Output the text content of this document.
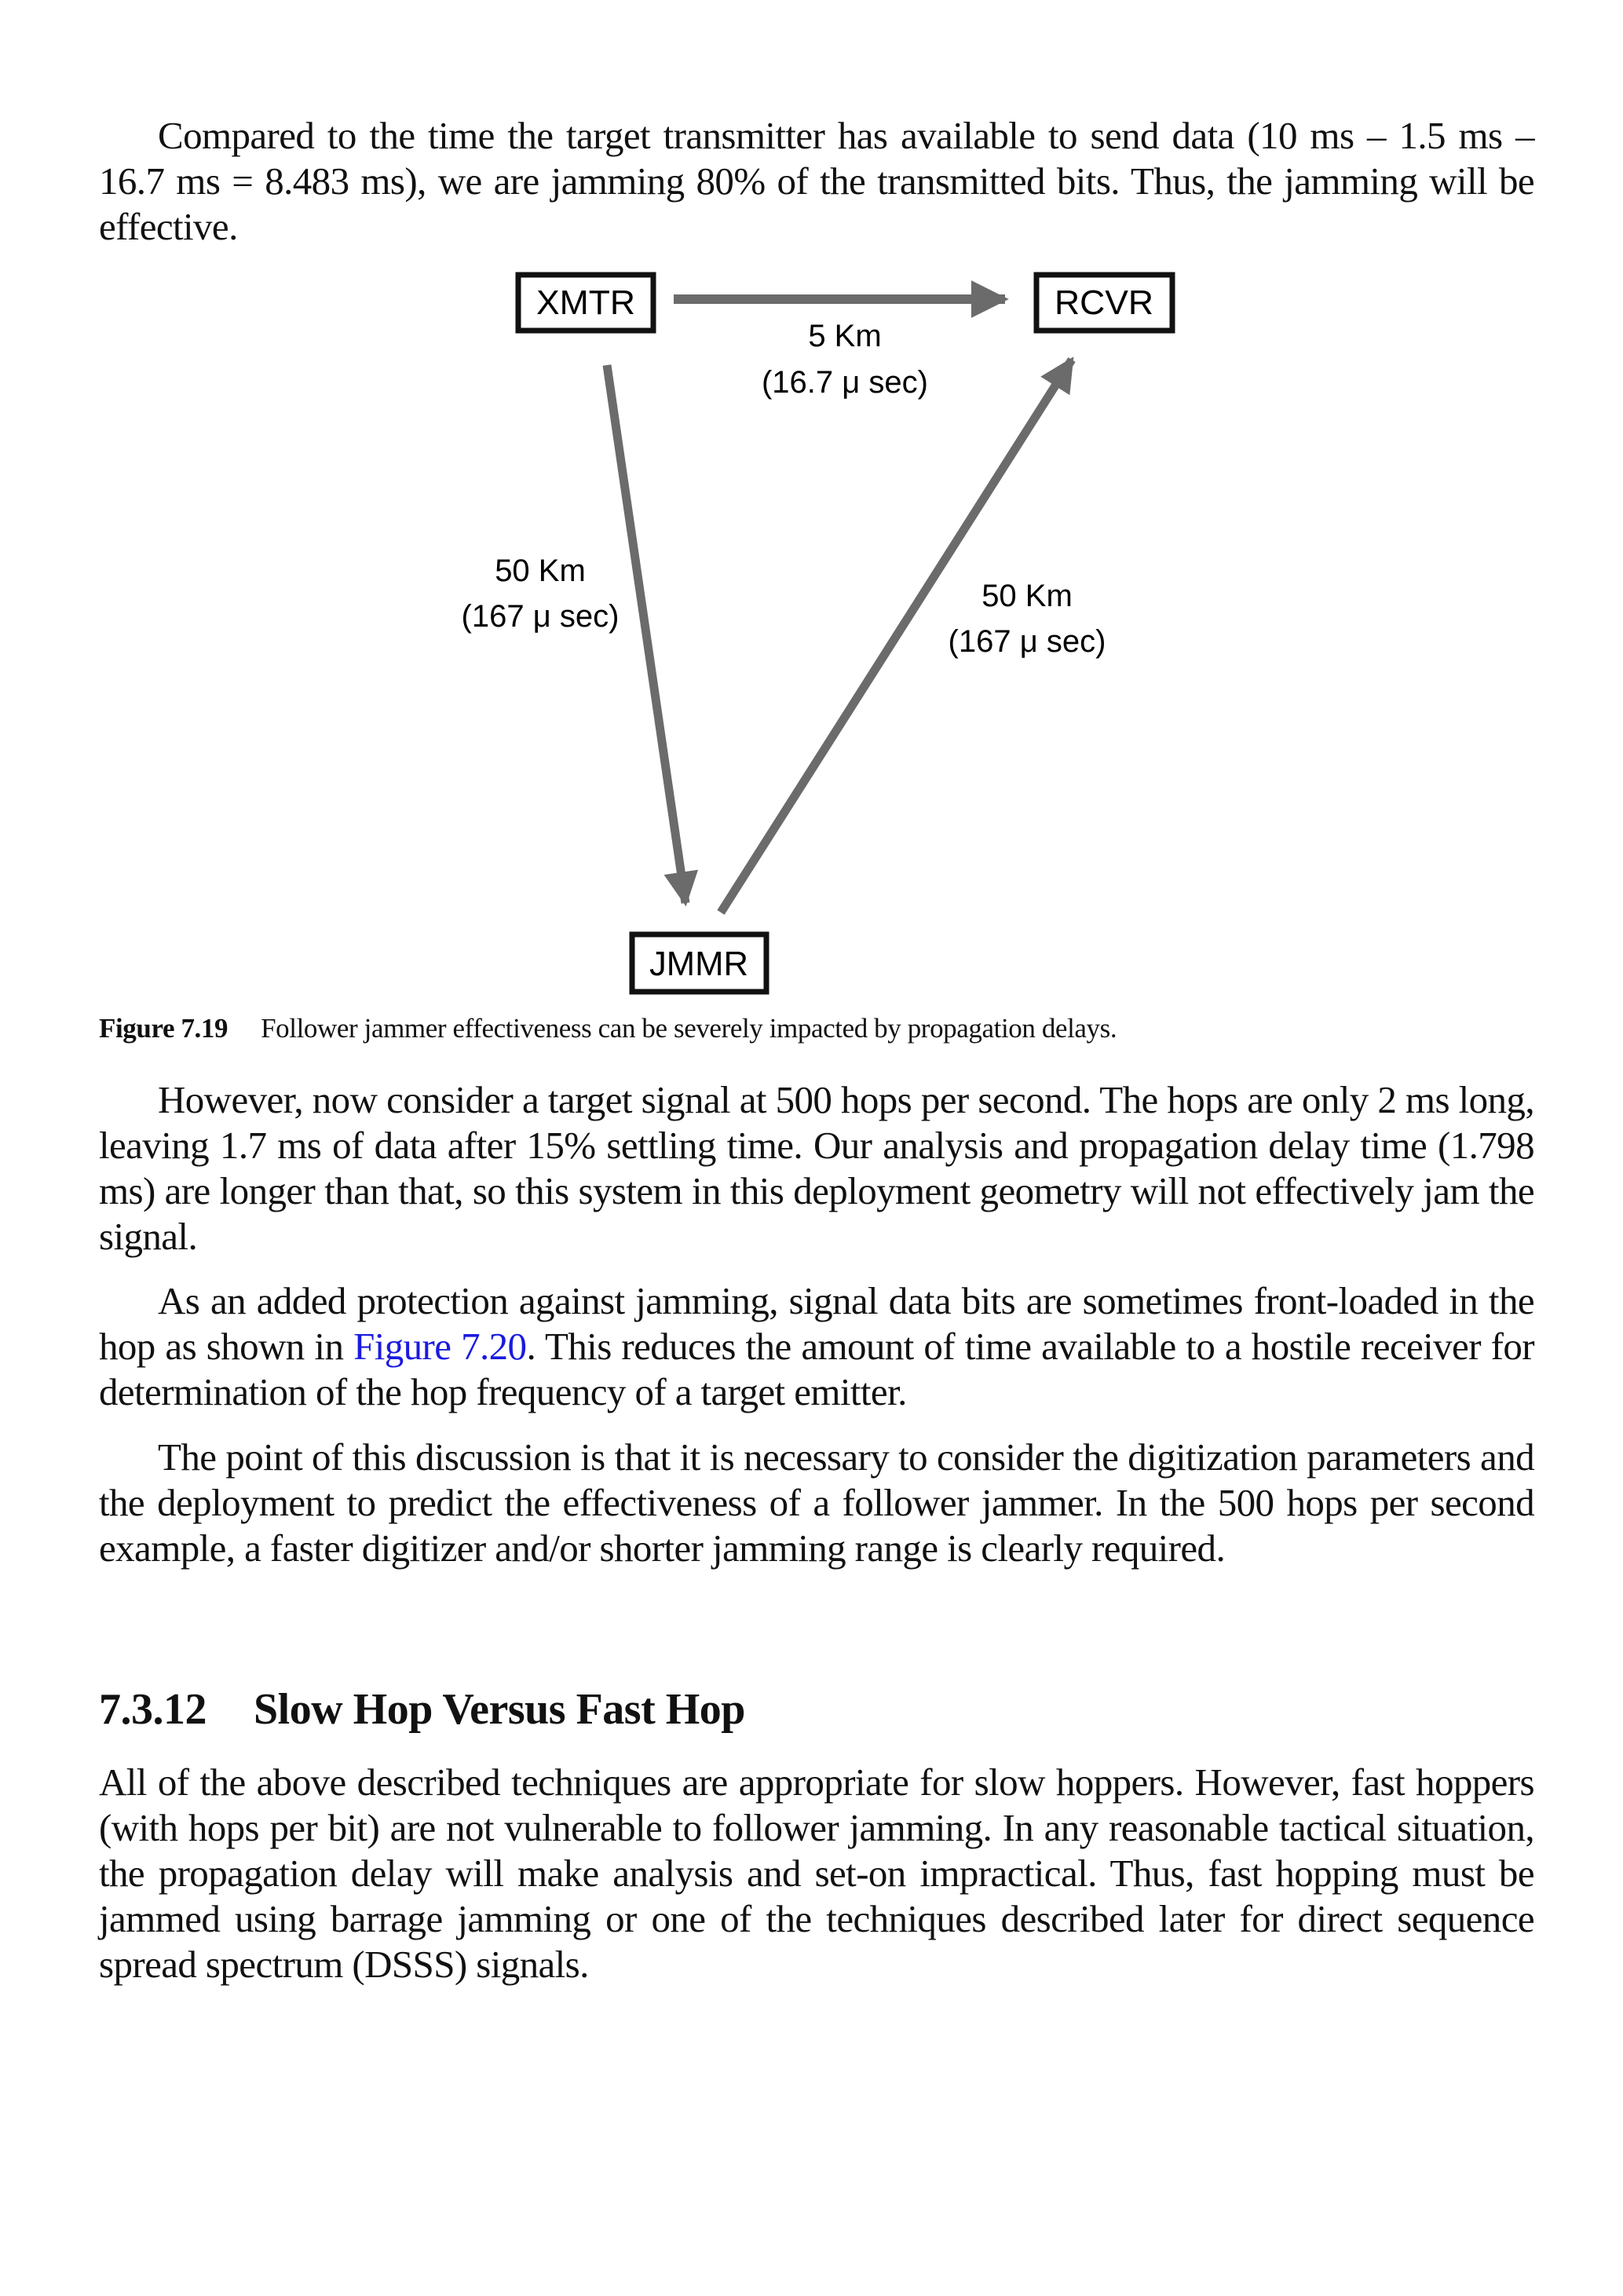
Compared to the time the target transmitter has available to send data (10 ms – 1.5 ms – 16.7 ms = 8.483 ms), we are jamming 80% of the transmitted bits. Thus, the jamming will be effective.

XMTR	RCVR
JMMR
5 Km
(16.7 μ sec)
50 Km
(167 μ sec)
50 Km
(167 μ sec)
Figure 7.19 Follower jammer effectiveness can be severely impacted by propagation delays.

However, now consider a target signal at 500 hops per second. The hops are only 2 ms long, leaving 1.7 ms of data after 15% settling time. Our analysis and propagation delay time (1.798 ms) are longer than that, so this system in this deployment geometry will not effectively jam the signal.

As an added protection against jamming, signal data bits are sometimes front-loaded in the hop as shown in Figure 7.20. This reduces the amount of time available to a hostile receiver for determination of the hop frequency of a target emitter.

The point of this discussion is that it is necessary to consider the digitization parameters and the deployment to predict the effectiveness of a follower jammer. In the 500 hops per second example, a faster digitizer and/or shorter jamming range is clearly required.

7.3.12 Slow Hop Versus Fast Hop

All of the above described techniques are appropriate for slow hoppers. However, fast hoppers (with hops per bit) are not vulnerable to follower jamming. In any reasonable tactical situation, the propagation delay will make analysis and set-on impractical. Thus, fast hopping must be jammed using barrage jamming or one of the techniques described later for direct sequence spread spectrum (DSSS) signals.
